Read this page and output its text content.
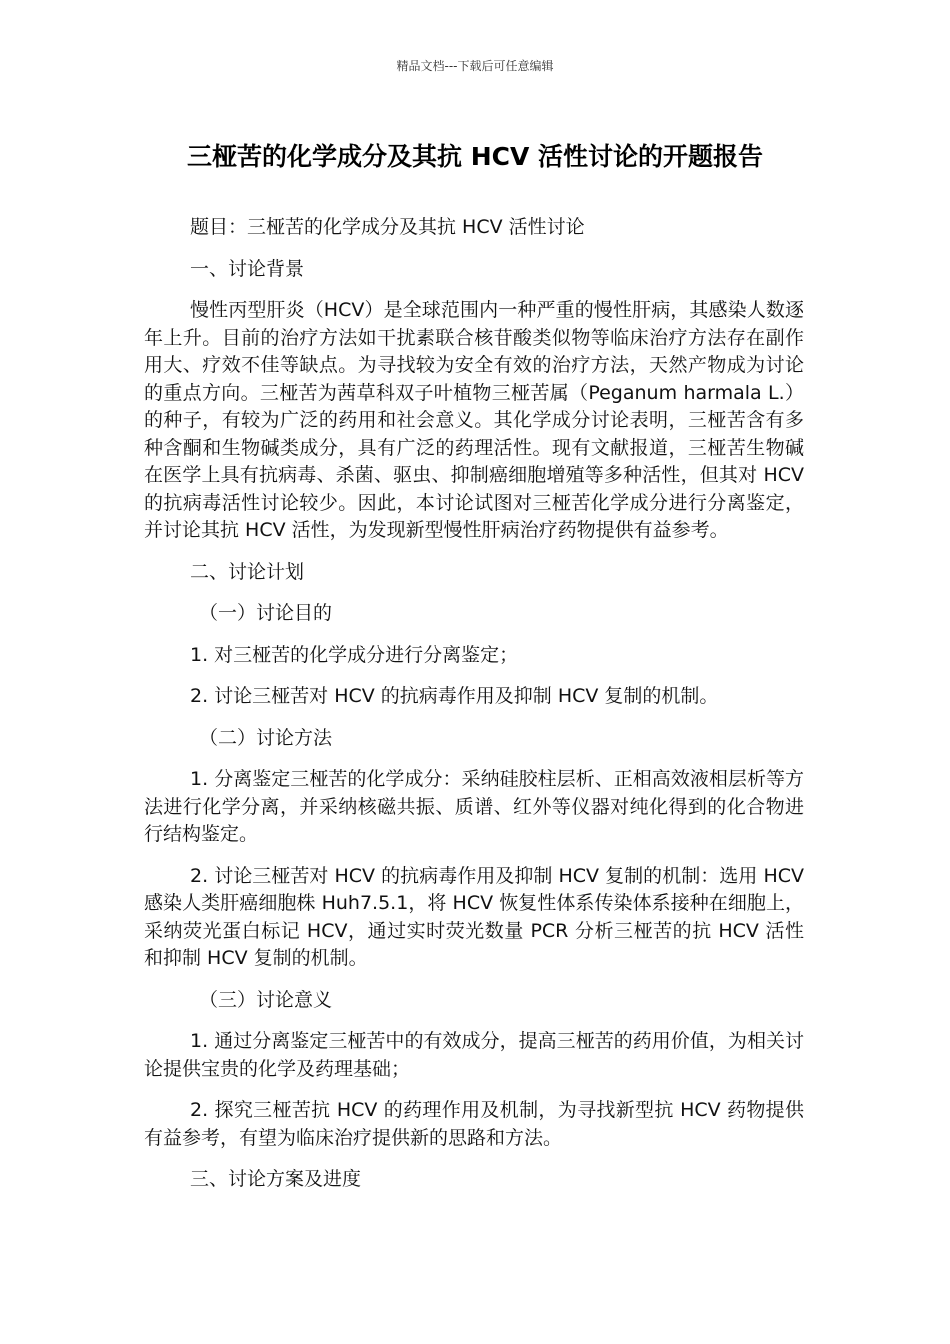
精品文档---下载后可任意编辑
三桠苦的化学成分及其抗 HCV 活性讨论的开题报告

题目：三桠苦的化学成分及其抗 HCV 活性讨论

一、讨论背景

慢性丙型肝炎（HCV）是全球范围内一种严重的慢性肝病，其感染人数逐年上升。目前的治疗方法如干扰素联合核苷酸类似物等临床治疗方法存在副作用大、疗效不佳等缺点。为寻找较为安全有效的治疗方法，天然产物成为讨论的重点方向。三桠苦为茜草科双子叶植物三桠苦属（Peganum harmala L.）的种子，有较为广泛的药用和社会意义。其化学成分讨论表明，三桠苦含有多种含酮和生物碱类成分，具有广泛的药理活性。现有文献报道，三桠苦生物碱在医学上具有抗病毒、杀菌、驱虫、抑制癌细胞增殖等多种活性，但其对 HCV 的抗病毒活性讨论较少。因此，本讨论试图对三桠苦化学成分进行分离鉴定，并讨论其抗 HCV 活性，为发现新型慢性肝病治疗药物提供有益参考。

二、讨论计划

（一）讨论目的

1. 对三桠苦的化学成分进行分离鉴定；

2. 讨论三桠苦对 HCV 的抗病毒作用及抑制 HCV 复制的机制。

（二）讨论方法

1. 分离鉴定三桠苦的化学成分：采纳硅胶柱层析、正相高效液相层析等方法进行化学分离，并采纳核磁共振、质谱、红外等仪器对纯化得到的化合物进行结构鉴定。

2. 讨论三桠苦对 HCV 的抗病毒作用及抑制 HCV 复制的机制：选用 HCV 感染人类肝癌细胞株 Huh7.5.1，将 HCV 恢复性体系传染体系接种在细胞上，采纳荧光蛋白标记 HCV，通过实时荧光数量 PCR 分析三桠苦的抗 HCV 活性和抑制 HCV 复制的机制。

（三）讨论意义

1. 通过分离鉴定三桠苦中的有效成分，提高三桠苦的药用价值，为相关讨论提供宝贵的化学及药理基础；

2. 探究三桠苦抗 HCV 的药理作用及机制，为寻找新型抗 HCV 药物提供有益参考，有望为临床治疗提供新的思路和方法。

三、讨论方案及进度
